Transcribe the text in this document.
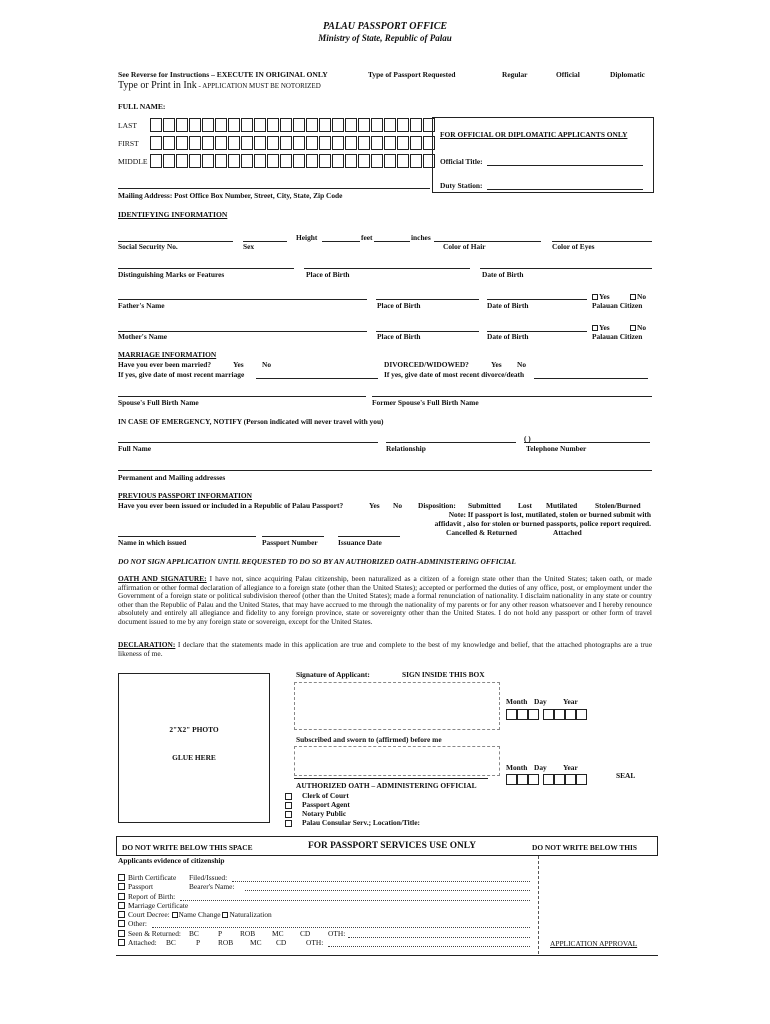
PALAU PASSPORT OFFICE
Ministry of State, Republic of Palau
See Reverse for Instructions – EXECUTE IN ORIGINAL ONLY
Type or Print in Ink - APPLICATION MUST BE NOTORIZED
Type of Passport Requested	Regular	Official	Diplomatic
FULL NAME:
LAST
FIRST
MIDDLE
FOR OFFICIAL OR DIPLOMATIC APPLICANTS ONLY
Official Title:
Duty Station:
Mailing Address: Post Office Box Number, Street, City, State, Zip Code
IDENTIFYING INFORMATION
Height	feet	inches
Social Security No.	Sex	Color of Hair	Color of Eyes
Distinguishing Marks or Features	Place of Birth	Date of Birth
Yes	No
Father's Name	Place of Birth	Date of Birth	Palauan Citizen
Yes	No
Mother's Name	Place of Birth	Date of Birth	Palauan Citizen
MARRIAGE INFORMATION
Have you ever been married?	Yes No
If yes, give date of most recent marriage
DIVORCED/WIDOWED?	Yes No
If yes, give date of most recent divorce/death
Spouse's Full Birth Name	Former Spouse's Full Birth Name
IN CASE OF EMERGENCY, NOTIFY (Person indicated will never travel with you)
( )
Full Name	Relationship	Telephone Number
Permanent and Mailing addresses
PREVIOUS PASSPORT INFORMATION
Have you ever been issued or included in a Republic of Palau Passport?	Yes No Disposition: Submitted Lost Mutilated Stolen/Burned
Note: If passport is lost, mutilated, stolen or burned submit with
affidavit , also for stolen or burned passports, police report required.
Cancelled & Returned	Attached
Name in which issued	Passport Number	Issuance Date
DO NOT SIGN APPLICATION UNTIL REQUESTED TO DO SO BY AN AUTHORIZED OATH-ADMINISTERING OFFICIAL
OATH AND SIGNATURE: I have not, since acquiring Palau citizenship, been naturalized as a citizen of a foreign state other than the United States; taken oath, or made affirmation or other formal declaration of allegiance to a foreign state (other than the United States); accepted or performed the duties of any office, post, or employment under the Government of a foreign state or political subdivision thereof (other than the United States); made a formal renunciation of nationality. I disclaim nationality in any state or country other than the Republic of Palau and the United States, that may have accrued to me through the nationality of my parents or for any other reason whatsoever and I hereby renounce absolutely and entirely all allegiance and fidelity to any foreign province, state or sovereignty other than the United States. I do not hold any passport or other form of travel document issued to me by any foreign state or sovereign, except for the United States.
DECLARATION: I declare that the statements made in this application are true and complete to the best of my knowledge and belief, that the attached photographs are a true likeness of me.
2"X2" PHOTO
GLUE HERE
Signature of Applicant:	SIGN INSIDE THIS BOX
Month Day Year
Subscribed and sworn to (affirmed) before me
Month Day Year
SEAL
AUTHORIZED OATH – ADMINISTERING OFFICIAL
Clerk of Court
Passport Agent
Notary Public
Palau Consular Serv.; Location/Title:
DO NOT WRITE BELOW THIS SPACE	FOR PASSPORT SERVICES USE ONLY	DO NOT WRITE BELOW THIS
Applicants evidence of citizenship
Birth Certificate Filed/Issued:
Passport	Bearer's Name:
Report of Birth:
Marriage Certificate
Court Decree: Name Change Naturalization
Other:
Seen & Returned: BC	P ROB MC CD OTH:
Attached: BC	P ROB MC CD	OTH:	APPLICATION APPROVAL
